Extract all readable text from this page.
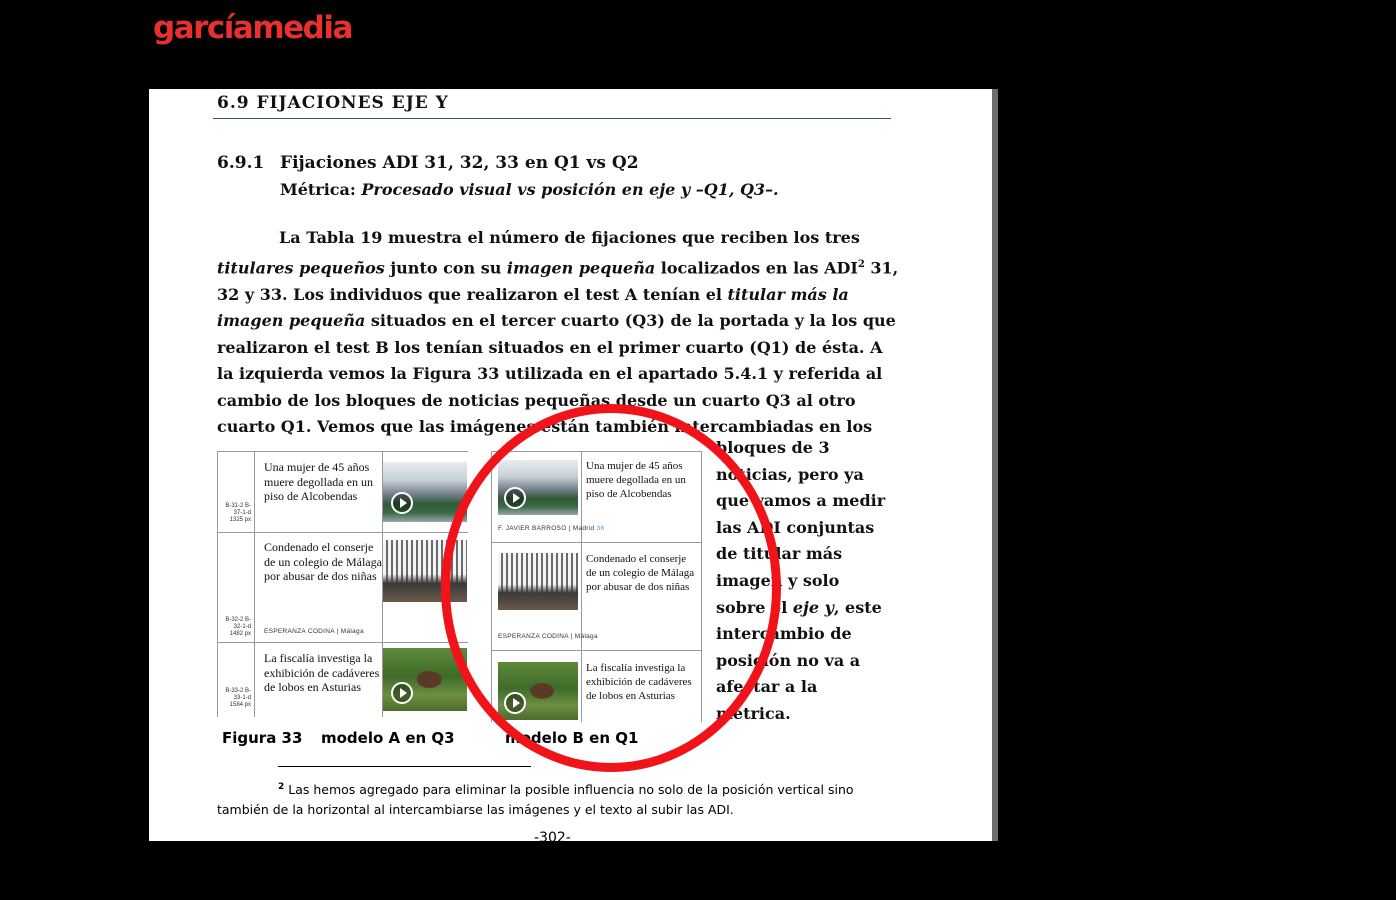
garcíamedia
6.9 FIJACIONES EJE Y
6.9.1 Fijaciones ADI 31, 32, 33 en Q1 vs Q2
Métrica: Procesado visual vs posición en eje y –Q1, Q3–.
La Tabla 19 muestra el número de fijaciones que reciben los tres
titulares pequeños junto con su imagen pequeña localizados en las ADI$^2$ 31,
32 y 33. Los individuos que realizaron el test A tenían el titular más la
imagen pequeña situados en el tercer cuarto (Q3) de la portada y la los que
realizaron el test B los tenían situados en el primer cuarto (Q1) de ésta. A
la izquierda vemos la Figura 33 utilizada en el apartado 5.4.1 y referida al
cambio de los bloques de noticias pequeñas desde un cuarto Q3 al otro
cuarto Q1. Vemos que las imágenes están también intercambiadas en los
bloques de 3
noticias, pero ya
que vamos a medir
las ADI conjuntas
de titular más
imagen y solo
sobre el eje y, este
intercambio de
posición no va a
afectar a la
métrica.
Una mujer de 45 años muere degollada en un piso de Alcobendas
B-31-2 B-37-1-d 1325 px
Condenado el conserje de un colegio de Málaga por abusar de dos niñas
ESPERANZA CODINA | Málaga
B-32-2 B-32-1-d 1482 px
La fiscalía investiga la exhibición de cadáveres de lobos en Asturias
B-33-2 B-33-1-d 1584 px
Una mujer de 45 años muere degollada en un piso de Alcobendas
F. JAVIER BARROSO | Madrid 36
Condenado el conserje de un colegio de Málaga por abusar de dos niñas
ESPERANZA CODINA | Málaga
La fiscalía investiga la exhibición de cadáveres de lobos en Asturias
Figura 33 modelo A en Q3	modelo B en Q1
$^2$ Las hemos agregado para eliminar la posible influencia no solo de la posición vertical sino
también de la horizontal al intercambiarse las imágenes y el texto al subir las ADI.
-302-
